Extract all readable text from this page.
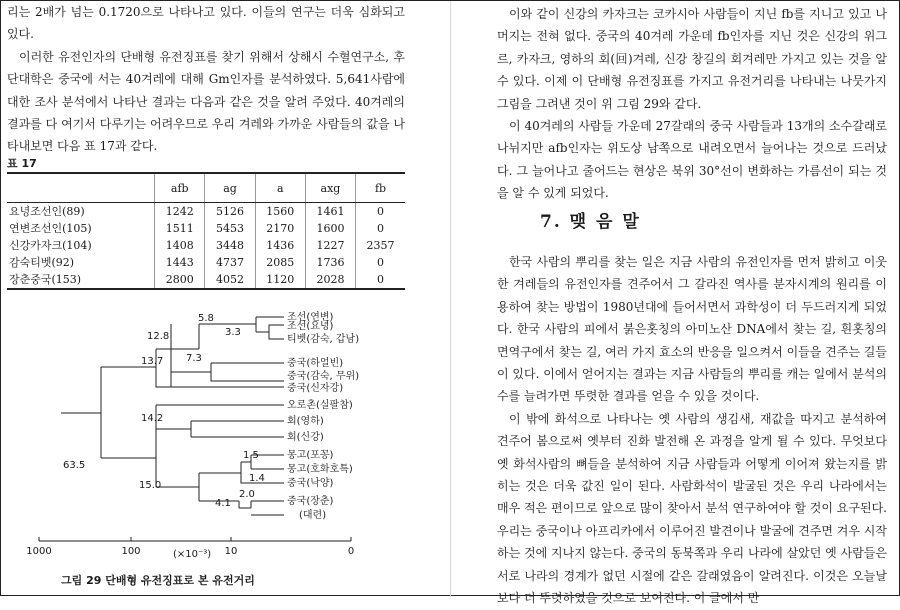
리는 2배가 넘는 0.1720으로 나타나고 있다. 이들의 연구는 더욱 심화되고 있다.

이러한 유전인자의 단배형 유전징표를 찾기 위해서 상해시 수혈연구소, 후단대학은 중국에 서는 40겨레에 대해 Gm인자를 분석하였다. 5,641사람에 대한 조사 분석에서 나타난 결과는 다음과 같은 것을 알려 주었다. 40겨레의 결과를 다 여기서 다루기는 어려우므로 우리 겨레와 가까운 사람들의 값을 나타내보면 다음 표 17과 같다.

표 17
	afb	ag	a	axg	fb
요녕조선인(89)	1242	5126	1560	1461	0
연변조선인(105)	1511	5453	2170	1600	0
신강카자크(104)	1408	3448	1436	1227	2357
감숙티벳(92)	1443	4737	2085	1736	0
장춘중국(153)	2800	4052	1120	2028	0
조선(연변)
조선(요녕)
티벳(감숙, 갑남)
중국(하얼빈)
중국(감숙, 무위)
중국(신자강)
오로촌(실팔참)
회(영하)
회(신강)
몽고(포꽁)
몽고(호화호특)
중국(낙양)
중국(장춘)
(대련)
5.8
3.3
12.8
13.7 7.3
14.2
63.5
1.5
1.4
15.0
4.1
2.0
1000	100	10	0
(×10⁻³)
그림 29 단배형 유전징표로 본 유전거리

이와 같이 신강의 카자크는 코카시아 사람들이 지닌 fb를 지니고 있고 나머지는 전혀 없다. 중국의 40겨레 가운데 fb인자를 지닌 것은 신강의 위그르, 카자크, 영하의 회(回)겨레, 신강 창길의 회겨레만 가지고 있는 것을 알 수 있다. 이제 이 단배형 유전징표를 가지고 유전거리를 나타내는 나뭇가지 그림을 그려낸 것이 위 그림 29와 같다.

이 40겨레의 사람들 가운데 27갈래의 중국 사람들과 13개의 소수갈래로 나뉘지만 afb인자는 위도상 남쪽으로 내려오면서 늘어나는 것으로 드러났다. 그 늘어나고 줄어드는 현상은 북위 30°선이 변화하는 가름선이 되는 것을 알 수 있게 되었다.

한국 사람의 뿌리를 찾는 일은 지금 사람의 유전인자를 먼저 밝히고 이웃한 겨레들의 유전인자를 견주어서 그 갈라진 역사를 분자시계의 원리를 이용하여 찾는 방법이 1980년대에 들어서면서 과학성이 더 두드러지게 되었다. 한국 사람의 피에서 붉은홋칭의 아미노산 DNA에서 찾는 길, 흰홋칭의 면역구에서 찾는 길, 여러 가지 효소의 반응을 일으켜서 이들을 견주는 길들이 있다. 이에서 얻어지는 결과는 지금 사람들의 뿌리를 캐는 일에서 분석의 수를 늘려가면 뚜렷한 결과를 얻을 수 있을 것이다.

이 밖에 화석으로 나타나는 옛 사람의 생김새, 재값을 따지고 분석하여 견주어 봄으로써 옛부터 진화 발전해 온 과정을 알게 될 수 있다. 무엇보다 옛 화석사람의 뼈들을 분석하여 지금 사람들과 어떻게 이어져 왔는지를 밝히는 것은 더욱 값진 일이 된다. 사람화석이 발굴된 것은 우리 나라에서는 매우 적은 편이므로 앞으로 많이 찾아서 분석 연구하여야 할 것이 요구된다. 우리는 중국이나 아프리카에서 이루어진 발견이나 발굴에 견주면 겨우 시작하는 것에 지나지 않는다. 중국의 동북쪽과 우리 나라에 살았던 옛 사람들은 서로 나라의 경계가 없던 시절에 같은 갈래였음이 알려진다. 이것은 오늘날보다 더 뚜렷하였을 것으로 보여진다. 이 글에서 만

7. 맺 음 말
